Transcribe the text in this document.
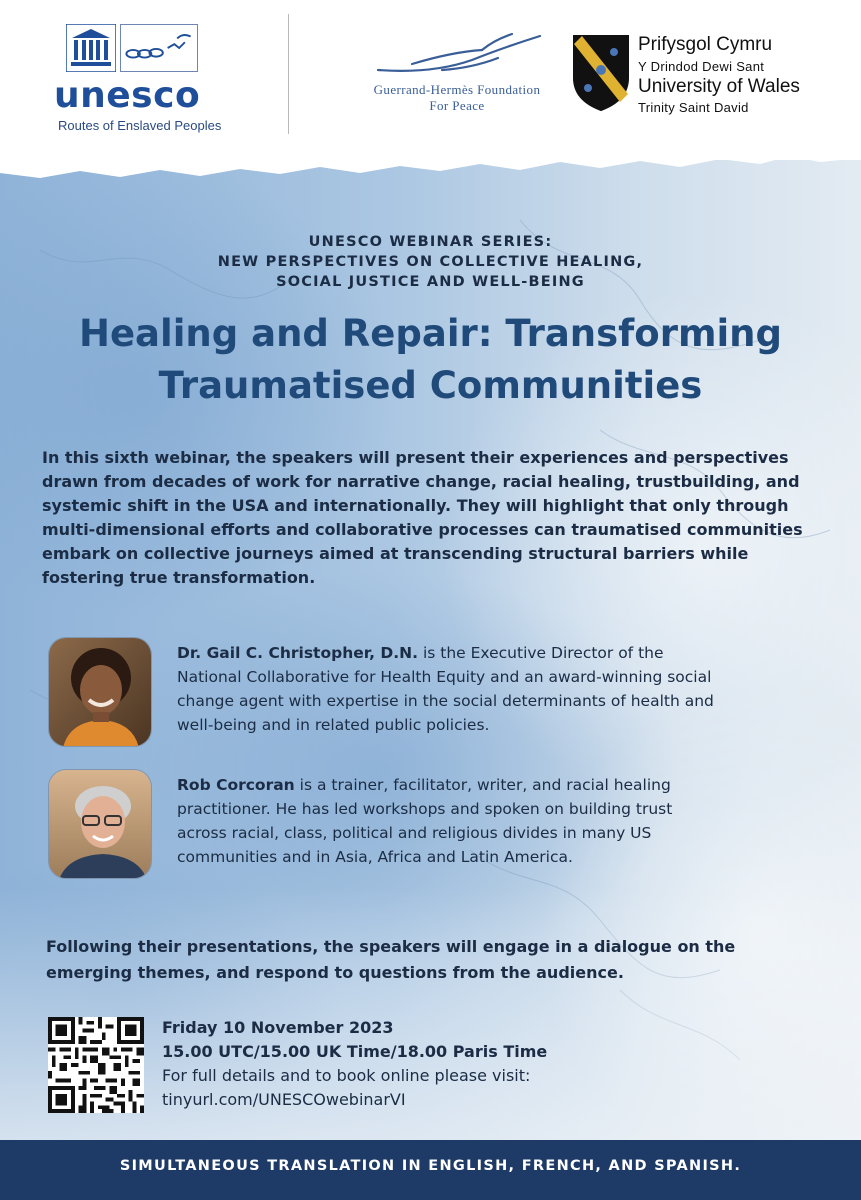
unesco
Routes of Enslaved Peoples
Guerrand-Hermès Foundation
For Peace
Prifysgol Cymru
Y Drindod Dewi Sant
University of Wales
Trinity Saint David
UNESCO WEBINAR SERIES:
NEW PERSPECTIVES ON COLLECTIVE HEALING,
SOCIAL JUSTICE AND WELL-BEING
Healing and Repair: Transforming
Traumatised Communities
In this sixth webinar, the speakers will present their experiences and perspectives
drawn from decades of work for narrative change, racial healing, trustbuilding, and
systemic shift in the USA and internationally. They will highlight that only through
multi-dimensional efforts and collaborative processes can traumatised communities
embark on collective journeys aimed at transcending structural barriers while
fostering true transformation.
Dr. Gail C. Christopher, D.N. is the Executive Director of the
National Collaborative for Health Equity and an award-winning social
change agent with expertise in the social determinants of health and
well-being and in related public policies.
Rob Corcoran is a trainer, facilitator, writer, and racial healing
practitioner. He has led workshops and spoken on building trust
across racial, class, political and religious divides in many US
communities and in Asia, Africa and Latin America.
Following their presentations, the speakers will engage in a dialogue on the
emerging themes, and respond to questions from the audience.
Friday 10 November 2023
15.00 UTC/15.00 UK Time/18.00 Paris Time
For full details and to book online please visit:
tinyurl.com/UNESCOwebinarVI
SIMULTANEOUS TRANSLATION IN ENGLISH, FRENCH, AND SPANISH.
